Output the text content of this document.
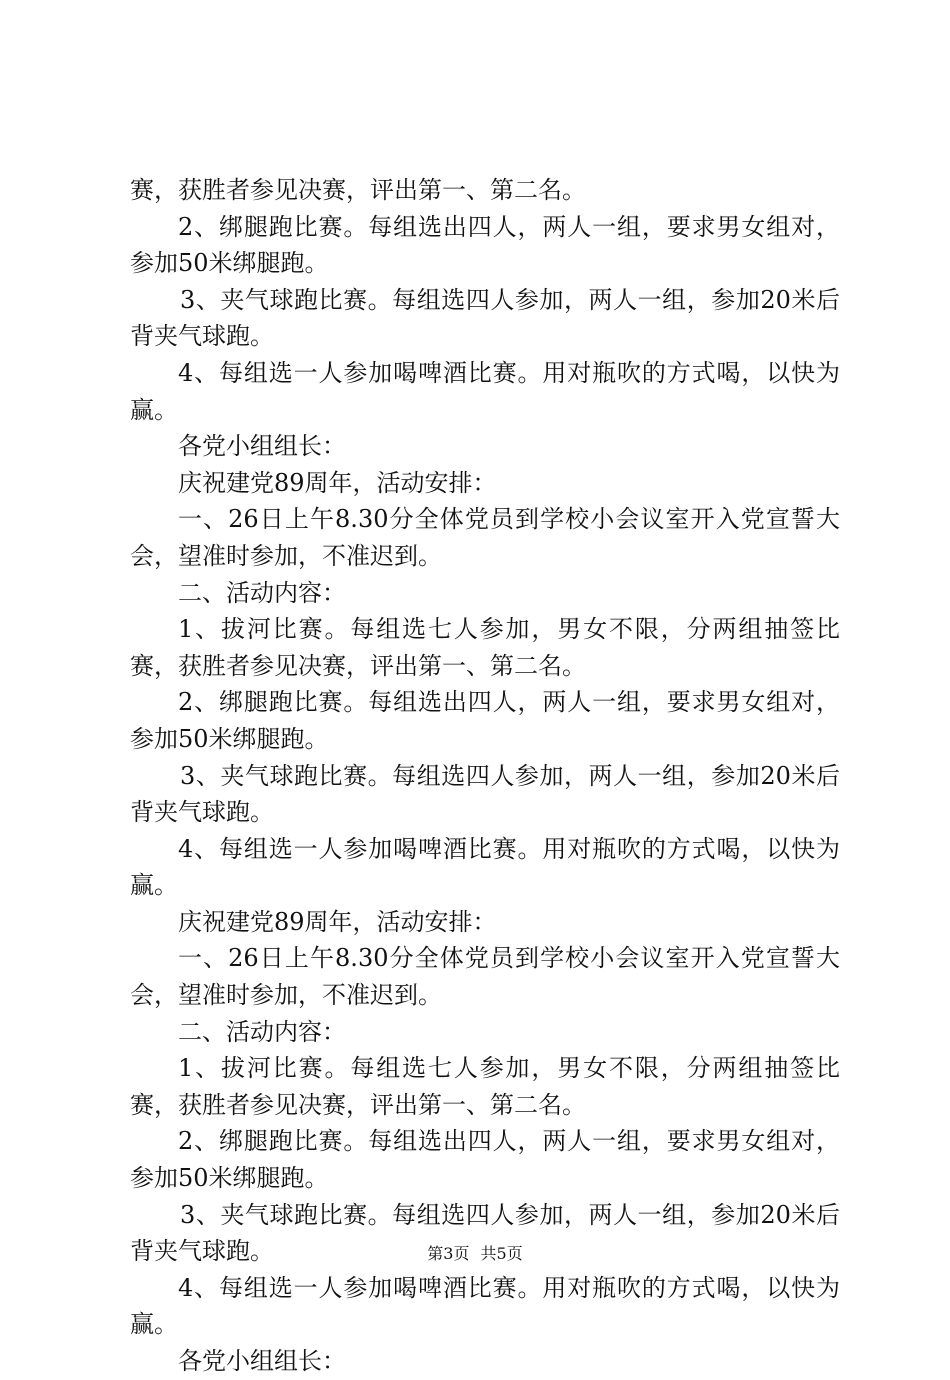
赛，获胜者参见决赛，评出第一、第二名。

2、绑腿跑比赛。每组选出四人，两人一组，要求男女组对，参加50米绑腿跑。

3、夹气球跑比赛。每组选四人参加，两人一组，参加20米后背夹气球跑。

4、每组选一人参加喝啤酒比赛。用对瓶吹的方式喝，以快为赢。

各党小组组长：

庆祝建党89周年，活动安排：

一、26日上午8.30分全体党员到学校小会议室开入党宣誓大会，望准时参加，不准迟到。

二、活动内容：

1、拔河比赛。每组选七人参加，男女不限，分两组抽签比赛，获胜者参见决赛，评出第一、第二名。

2、绑腿跑比赛。每组选出四人，两人一组，要求男女组对，参加50米绑腿跑。

3、夹气球跑比赛。每组选四人参加，两人一组，参加20米后背夹气球跑。

4、每组选一人参加喝啤酒比赛。用对瓶吹的方式喝，以快为赢。

庆祝建党89周年，活动安排：

一、26日上午8.30分全体党员到学校小会议室开入党宣誓大会，望准时参加，不准迟到。

二、活动内容：

1、拔河比赛。每组选七人参加，男女不限，分两组抽签比赛，获胜者参见决赛，评出第一、第二名。

2、绑腿跑比赛。每组选出四人，两人一组，要求男女组对，参加50米绑腿跑。

3、夹气球跑比赛。每组选四人参加，两人一组，参加20米后背夹气球跑。

4、每组选一人参加喝啤酒比赛。用对瓶吹的方式喝，以快为赢。

各党小组组长：

第3页 共5页
